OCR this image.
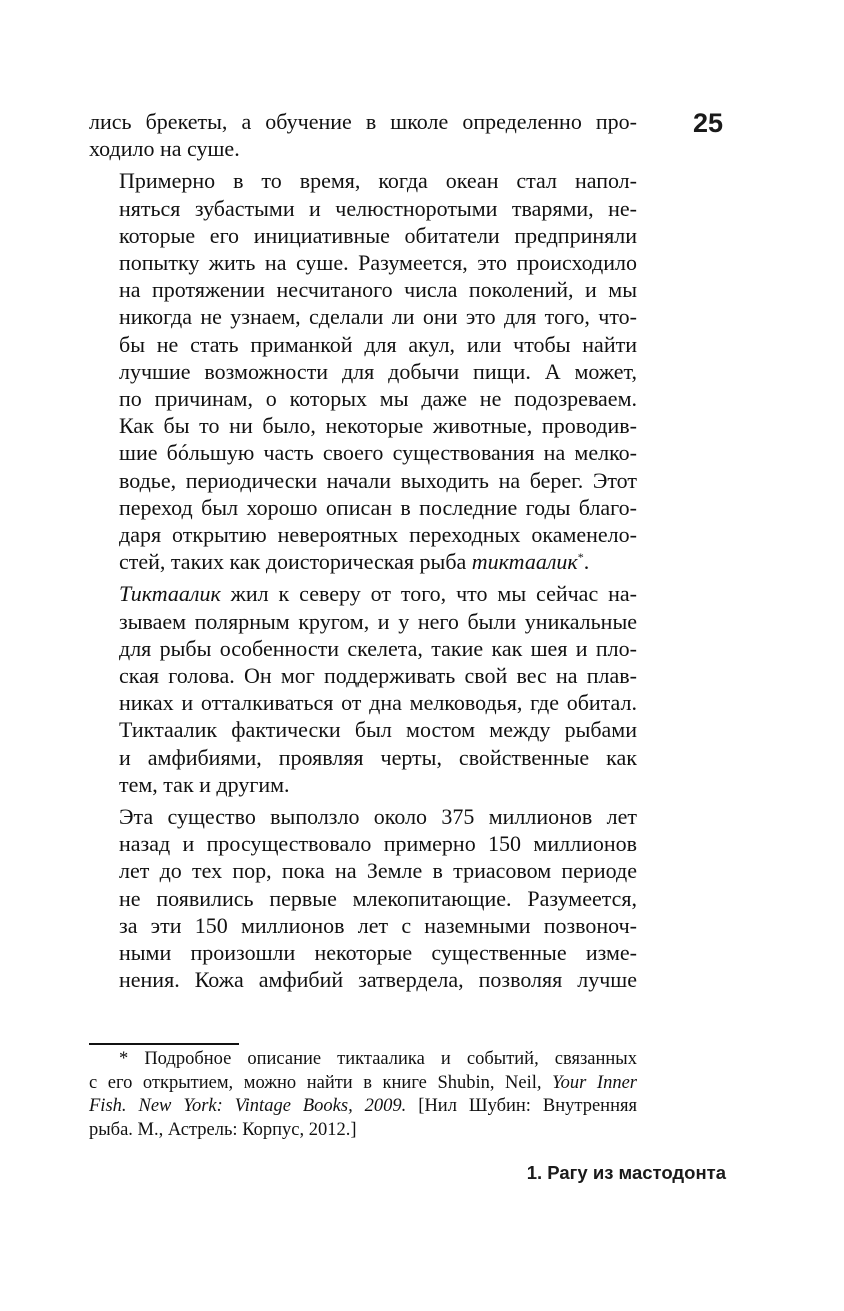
25

лись брекеты, а обучение в школе определенно про-
ходило на суше.

Примерно в то время, когда океан стал напол-
няться зубастыми и челюстноротыми тварями, не-
которые его инициативные обитатели предприняли
попытку жить на суше. Разумеется, это происходило
на протяжении несчитаного числа поколений, и мы
никогда не узнаем, сделали ли они это для того, что-
бы не стать приманкой для акул, или чтобы найти
лучшие возможности для добычи пищи. А может,
по причинам, о которых мы даже не подозреваем.
Как бы то ни было, некоторые животные, проводив-
шие бóльшую часть своего существования на мелко-
водье, периодически начали выходить на берег. Этот
переход был хорошо описан в последние годы благо-
даря открытию невероятных переходных окаменело-
стей, таких как доисторическая рыба тиктаалик*.

Тиктаалик жил к северу от того, что мы сейчас на-
зываем полярным кругом, и у него были уникальные
для рыбы особенности скелета, такие как шея и пло-
ская голова. Он мог поддерживать свой вес на плав-
никах и отталкиваться от дна мелководья, где обитал.
Тиктаалик фактически был мостом между рыбами
и амфибиями, проявляя черты, свойственные как
тем, так и другим.

Эта существо выползло около 375 миллионов лет
назад и просуществовало примерно 150 миллионов
лет до тех пор, пока на Земле в триасовом периоде
не появились первые млекопитающие. Разумеется,
за эти 150 миллионов лет с наземными позвоноч-
ными произошли некоторые существенные изме-
нения. Кожа амфибий затвердела, позволяя лучше

* Подробное описание тиктаалика и событий, связанных
с его открытием, можно найти в книге Shubin, Neil, Your Inner
Fish. New York: Vintage Books, 2009. [Нил Шубин: Внутренняя
рыба. М., Астрель: Корпус, 2012.]
1. Рагу из мастодонта
